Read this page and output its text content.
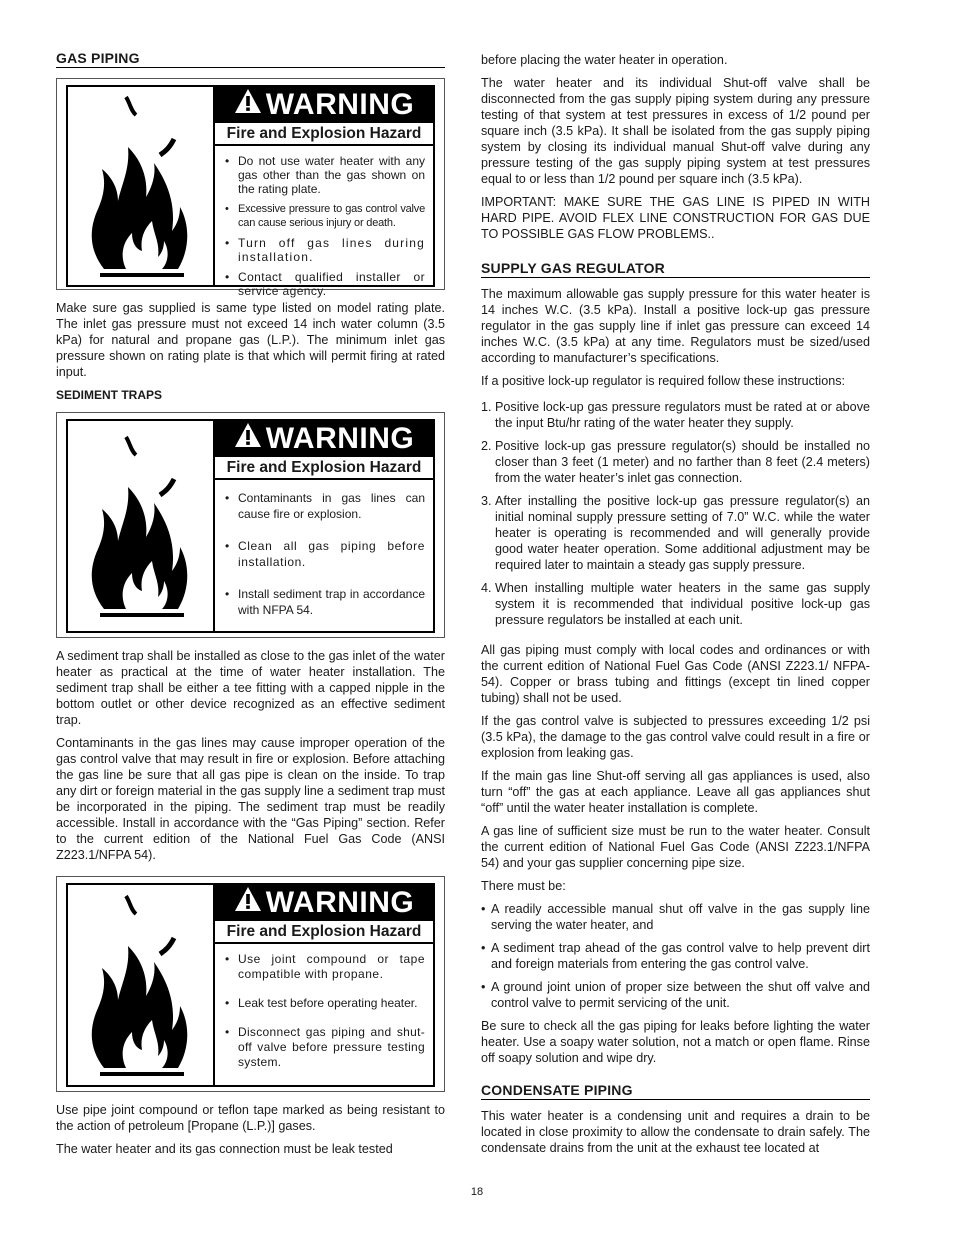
GAS PIPING
WARNING
Fire and Explosion Hazard
• Do not use water heater with any gas other than the gas shown on the rating plate.
• Excessive pressure to gas control valve can cause serious injury or death.
• Turn off gas lines during installation.
• Contact qualified installer or service agency.

Make sure gas supplied is same type listed on model rating plate. The inlet gas pressure must not exceed 14 inch water column (3.5 kPa) for natural and propane gas (L.P.). The minimum inlet gas pressure shown on rating plate is that which will permit firing at rated input.

SEDIMENT TRAPS
WARNING
Fire and Explosion Hazard
• Contaminants in gas lines can cause fire or explosion.
• Clean all gas piping before installation.
• Install sediment trap in accordance with NFPA 54.

A sediment trap shall be installed as close to the gas inlet of the water heater as practical at the time of water heater installation. The sediment trap shall be either a tee fitting with a capped nipple in the bottom outlet or other device recognized as an effective sediment trap.

Contaminants in the gas lines may cause improper operation of the gas control valve that may result in fire or explosion. Before attaching the gas line be sure that all gas pipe is clean on the inside. To trap any dirt or foreign material in the gas supply line a sediment trap must be incorporated in the piping. The sediment trap must be readily accessible. Install in accordance with the “Gas Piping” section. Refer to the current edition of the National Fuel Gas Code (ANSI Z223.1/NFPA 54).

WARNING
Fire and Explosion Hazard
• Use joint compound or tape compatible with propane.
• Leak test before operating heater.
• Disconnect gas piping and shut-off valve before pressure testing system.

Use pipe joint compound or teflon tape marked as being resistant to the action of petroleum [Propane (L.P.)] gases.

The water heater and its gas connection must be leak tested

before placing the water heater in operation.

The water heater and its individual Shut-off valve shall be disconnected from the gas supply piping system during any pressure testing of that system at test pressures in excess of 1/2 pound per square inch (3.5 kPa). It shall be isolated from the gas supply piping system by closing its individual manual Shut-off valve during any pressure testing of the gas supply piping system at test pressures equal to or less than 1/2 pound per square inch (3.5 kPa).

IMPORTANT: MAKE SURE THE GAS LINE IS PIPED IN WITH HARD PIPE. AVOID FLEX LINE CONSTRUCTION FOR GAS DUE TO POSSIBLE GAS FLOW PROBLEMS..

SUPPLY GAS REGULATOR

The maximum allowable gas supply pressure for this water heater is 14 inches W.C. (3.5 kPa). Install a positive lock-up gas pressure regulator in the gas supply line if inlet gas pressure can exceed 14 inches W.C. (3.5 kPa) at any time. Regulators must be sized/used according to manufacturer’s specifications.

If a positive lock-up regulator is required follow these instructions:

1. Positive lock-up gas pressure regulators must be rated at or above the input Btu/hr rating of the water heater they supply.
2. Positive lock-up gas pressure regulator(s) should be installed no closer than 3 feet (1 meter) and no farther than 8 feet (2.4 meters) from the water heater’s inlet gas connection.
3. After installing the positive lock-up gas pressure regulator(s) an initial nominal supply pressure setting of 7.0” W.C. while the water heater is operating is recommended and will generally provide good water heater operation. Some additional adjustment may be required later to maintain a steady gas supply pressure.
4. When installing multiple water heaters in the same gas supply system it is recommended that individual positive lock-up gas pressure regulators be installed at each unit.

All gas piping must comply with local codes and ordinances or with the current edition of National Fuel Gas Code (ANSI Z223.1/ NFPA-54). Copper or brass tubing and fittings (except tin lined copper tubing) shall not be used.

If the gas control valve is subjected to pressures exceeding 1/2 psi (3.5 kPa), the damage to the gas control valve could result in a fire or explosion from leaking gas.

If the main gas line Shut-off serving all gas appliances is used, also turn “off” the gas at each appliance. Leave all gas appliances shut “off” until the water heater installation is complete.

A gas line of sufficient size must be run to the water heater. Consult the current edition of National Fuel Gas Code (ANSI Z223.1/NFPA 54) and your gas supplier concerning pipe size.

There must be:

• A readily accessible manual shut off valve in the gas supply line serving the water heater, and
• A sediment trap ahead of the gas control valve to help prevent dirt and foreign materials from entering the gas control valve.
• A ground joint union of proper size between the shut off valve and control valve to permit servicing of the unit.

Be sure to check all the gas piping for leaks before lighting the water heater. Use a soapy water solution, not a match or open flame. Rinse off soapy solution and wipe dry.

CONDENSATE PIPING

This water heater is a condensing unit and requires a drain to be located in close proximity to allow the condensate to drain safely. The condensate drains from the unit at the exhaust tee located at

18
